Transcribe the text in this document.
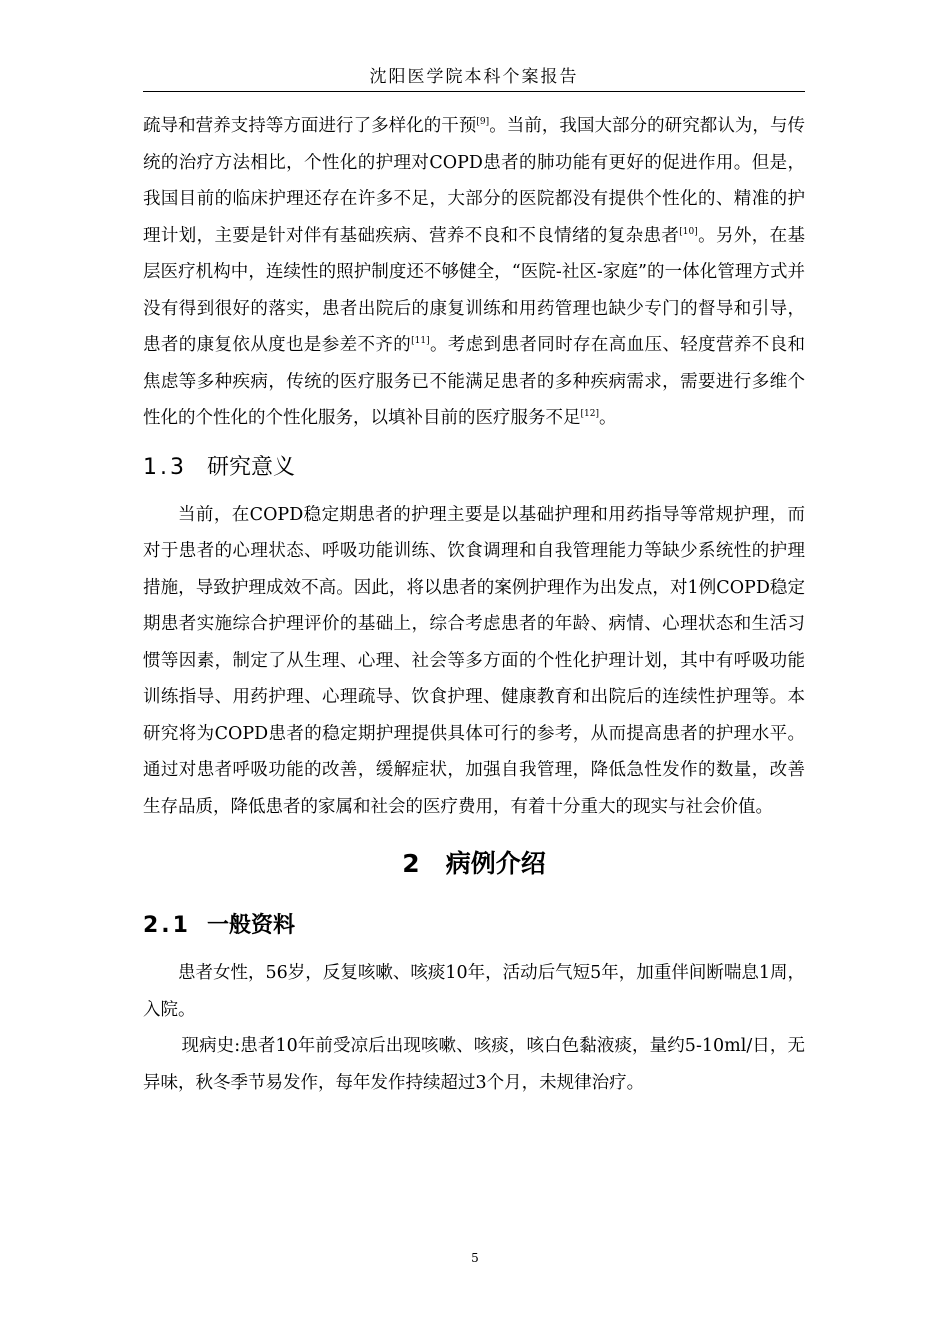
沈阳医学院本科个案报告

疏导和营养支持等方面进行了多样化的干预[9]。当前，我国大部分的研究都认为，与传统的治疗方法相比，个性化的护理对COPD患者的肺功能有更好的促进作用。但是，我国目前的临床护理还存在许多不足，大部分的医院都没有提供个性化的、精准的护理计划，主要是针对伴有基础疾病、营养不良和不良情绪的复杂患者[10]。另外，在基层医疗机构中，连续性的照护制度还不够健全，“医院-社区-家庭”的一体化管理方式并没有得到很好的落实，患者出院后的康复训练和用药管理也缺少专门的督导和引导，患者的康复依从度也是参差不齐的[11]。考虑到患者同时存在高血压、轻度营养不良和焦虑等多种疾病，传统的医疗服务已不能满足患者的多种疾病需求，需要进行多维个性化的个性化的个性化服务，以填补目前的医疗服务不足[12]。

1.3 研究意义

当前，在COPD稳定期患者的护理主要是以基础护理和用药指导等常规护理，而对于患者的心理状态、呼吸功能训练、饮食调理和自我管理能力等缺少系统性的护理措施，导致护理成效不高。因此，将以患者的案例护理作为出发点，对1例COPD稳定期患者实施综合护理评价的基础上，综合考虑患者的年龄、病情、心理状态和生活习惯等因素，制定了从生理、心理、社会等多方面的个性化护理计划，其中有呼吸功能训练指导、用药护理、心理疏导、饮食护理、健康教育和出院后的连续性护理等。本研究将为COPD患者的稳定期护理提供具体可行的参考，从而提高患者的护理水平。通过对患者呼吸功能的改善，缓解症状，加强自我管理，降低急性发作的数量，改善生存品质，降低患者的家属和社会的医疗费用，有着十分重大的现实与社会价值。

2 病例介绍
2.1 一般资料

患者女性，56岁，反复咳嗽、咳痰10年，活动后气短5年，加重伴间断喘息1周，入院。

现病史:患者10年前受凉后出现咳嗽、咳痰，咳白色黏液痰，量约5-10ml/日，无异味，秋冬季节易发作，每年发作持续超过3个月，未规律治疗。

5
